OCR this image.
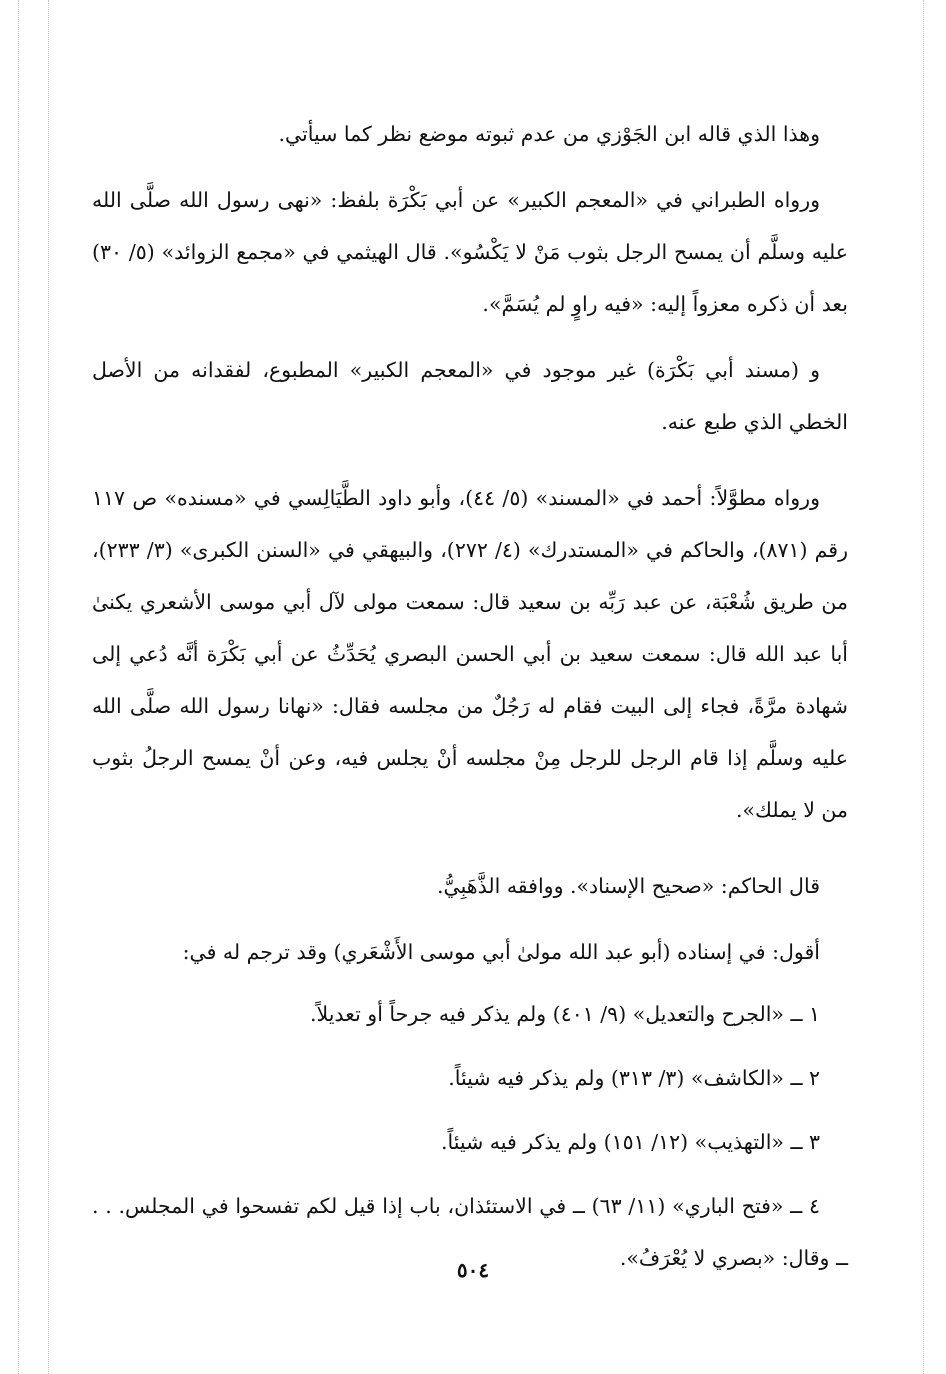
وهذا الذي قاله ابن الجَوْزي من عدم ثبوته موضع نظر كما سيأتي.

ورواه الطبراني في «المعجم الكبير» عن أبي بَكْرَة بلفظ: «نهى رسول الله صلَّى الله عليه وسلَّم أن يمسح الرجل بثوب مَنْ لا يَكْسُو». قال الهيثمي في «مجمع الزوائد» (٥/ ٣٠) بعد أن ذكره معزواً إليه: «فيه راوٍ لم يُسَمَّ».

و (مسند أبي بَكْرَة) غير موجود في «المعجم الكبير» المطبوع، لفقدانه من الأصل الخطي الذي طبع عنه.

ورواه مطوَّلاً: أحمد في «المسند» (٥/ ٤٤)، وأبو داود الطَّيَالِسي في «مسنده» ص ١١٧ رقم (٨٧١)، والحاكم في «المستدرك» (٤/ ٢٧٢)، والبيهقي في «السنن الكبرى» (٣/ ٢٣٣)، من طريق شُعْبَة، عن عبد رَبِّه بن سعيد قال: سمعت مولى لآل أبي موسى الأشعري يكنىٰ أبا عبد الله قال: سمعت سعيد بن أبي الحسن البصري يُحَدِّثُ عن أبي بَكْرَة أنَّه دُعي إلى شهادة مرَّةً، فجاء إلى البيت فقام له رَجُلٌ من مجلسه فقال: «نهانا رسول الله صلَّى الله عليه وسلَّم إذا قام الرجل للرجل مِنْ مجلسه أنْ يجلس فيه، وعن أنْ يمسح الرجلُ بثوب من لا يملك».

قال الحاكم: «صحيح الإسناد». ووافقه الذَّهَبِيُّ.

أقول: في إسناده (أبو عبد الله مولىٰ أبي موسى الأَشْعَري) وقد ترجم له في:

١ ــ «الجرح والتعديل» (٩/ ٤٠١) ولم يذكر فيه جرحاً أو تعديلاً.

٢ ــ «الكاشف» (٣/ ٣١٣) ولم يذكر فيه شيئاً.

٣ ــ «التهذيب» (١٢/ ١٥١) ولم يذكر فيه شيئاً.

٤ ــ «فتح الباري» (١١/ ٦٣) ــ في الاستئذان، باب إذا قيل لكم تفسحوا في المجلس. . . ــ وقال: «بصري لا يُعْرَفُ».

٥٠٤
